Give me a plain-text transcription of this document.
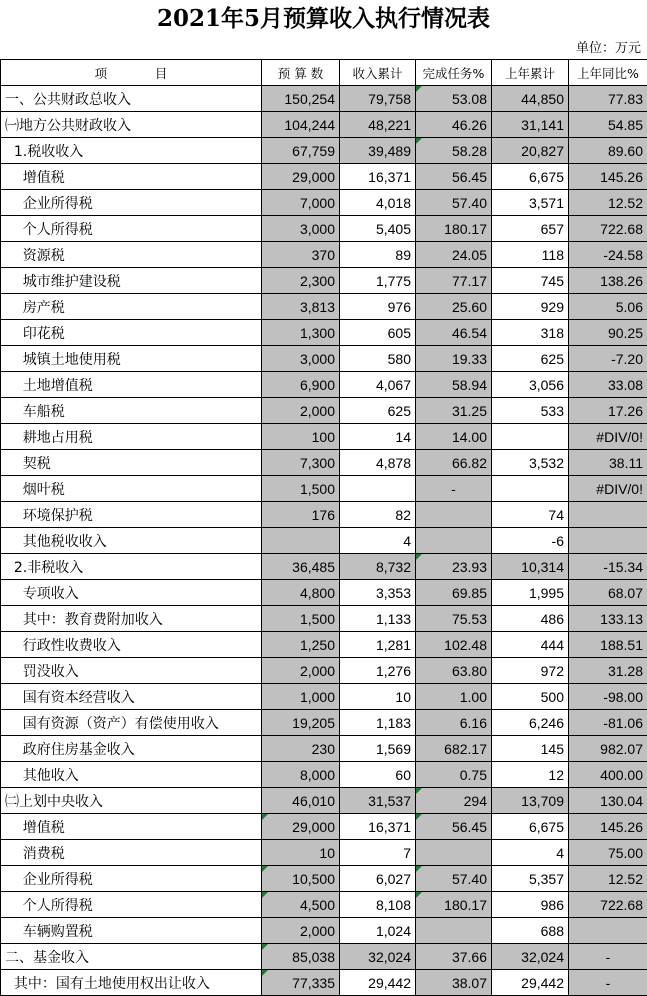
2021年5月预算收入执行情况表
单位：万元
项            目	预 算 数	收入累计	完成任务%	上年累计	上年同比%
一、公共财政总收入	150,254	79,758	53.08	44,850	77.83
㈠地方公共财政收入	104,244	48,221	46.26	31,141	54.85
1.税收收入	67,759	39,489	58.28	20,827	89.60
增值税	29,000	16,371	56.45	6,675	145.26
企业所得税	7,000	4,018	57.40	3,571	12.52
个人所得税	3,000	5,405	180.17	657	722.68
资源税	370	89	24.05	118	-24.58
城市维护建设税	2,300	1,775	77.17	745	138.26
房产税	3,813	976	25.60	929	5.06
印花税	1,300	605	46.54	318	90.25
城镇土地使用税	3,000	580	19.33	625	-7.20
土地增值税	6,900	4,067	58.94	3,056	33.08
车船税	2,000	625	31.25	533	17.26
耕地占用税	100	14	14.00		#DIV/0!
契税	7,300	4,878	66.82	3,532	38.11
烟叶税	1,500		-		#DIV/0!
环境保护税	176	82		74	
其他税收收入		4		-6	
2.非税收入	36,485	8,732	23.93	10,314	-15.34
专项收入	4,800	3,353	69.85	1,995	68.07
其中：教育费附加收入	1,500	1,133	75.53	486	133.13
行政性收费收入	1,250	1,281	102.48	444	188.51
罚没收入	2,000	1,276	63.80	972	31.28
国有资本经营收入	1,000	10	1.00	500	-98.00
国有资源（资产）有偿使用收入	19,205	1,183	6.16	6,246	-81.06
政府住房基金收入	230	1,569	682.17	145	982.07
其他收入	8,000	60	0.75	12	400.00
㈡上划中央收入	46,010	31,537	294	13,709	130.04
增值税	29,000	16,371	56.45	6,675	145.26
消费税	10	7		4	75.00
企业所得税	10,500	6,027	57.40	5,357	12.52
个人所得税	4,500	8,108	180.17	986	722.68
车辆购置税	2,000	1,024		688	
二、基金收入	85,038	32,024	37.66	32,024	-
其中：国有土地使用权出让收入	77,335	29,442	38.07	29,442	-
